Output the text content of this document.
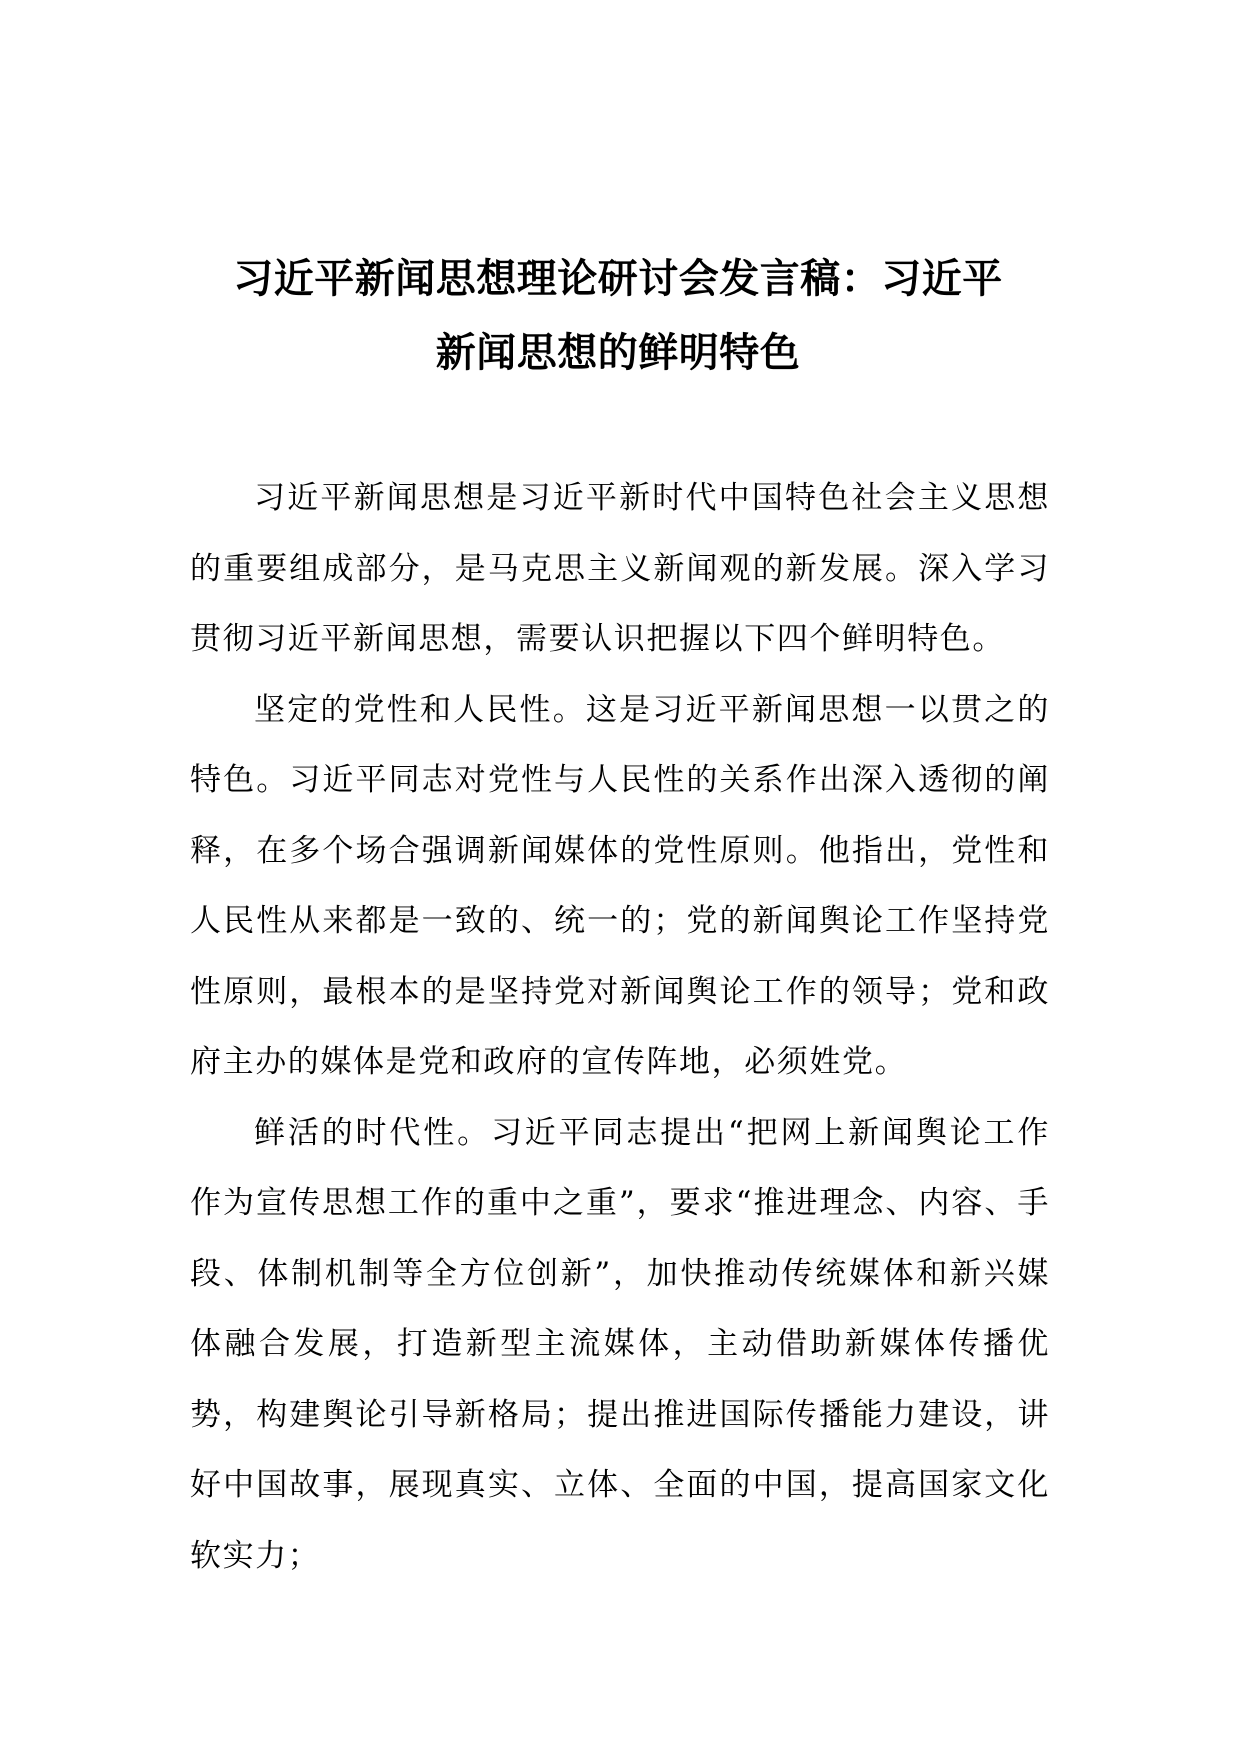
习近平新闻思想理论研讨会发言稿：习近平
新闻思想的鲜明特色

习近平新闻思想是习近平新时代中国特色社会主义思想的重要组成部分，是马克思主义新闻观的新发展。深入学习贯彻习近平新闻思想，需要认识把握以下四个鲜明特色。

坚定的党性和人民性。这是习近平新闻思想一以贯之的特色。习近平同志对党性与人民性的关系作出深入透彻的阐释，在多个场合强调新闻媒体的党性原则。他指出，党性和人民性从来都是一致的、统一的；党的新闻舆论工作坚持党性原则，最根本的是坚持党对新闻舆论工作的领导；党和政府主办的媒体是党和政府的宣传阵地，必须姓党。

鲜活的时代性。习近平同志提出“把网上新闻舆论工作作为宣传思想工作的重中之重”，要求“推进理念、内容、手段、体制机制等全方位创新”，加快推动传统媒体和新兴媒体融合发展，打造新型主流媒体，主动借助新媒体传播优势，构建舆论引导新格局；提出推进国际传播能力建设，讲好中国故事，展现真实、立体、全面的中国，提高国家文化软实力；
